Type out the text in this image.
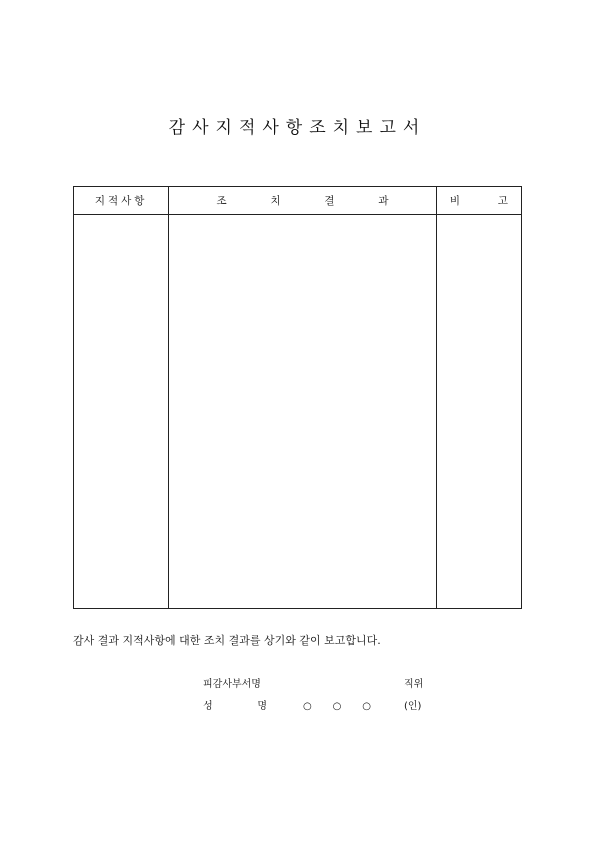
감사지적사항조치보고서
지적사항	조 치 결 과	비 고

감사 결과 지적사항에 대한 조치 결과를 상기와 같이 보고합니다.
피감사부서명	직위
성	명	○ ○ ○	(인)
